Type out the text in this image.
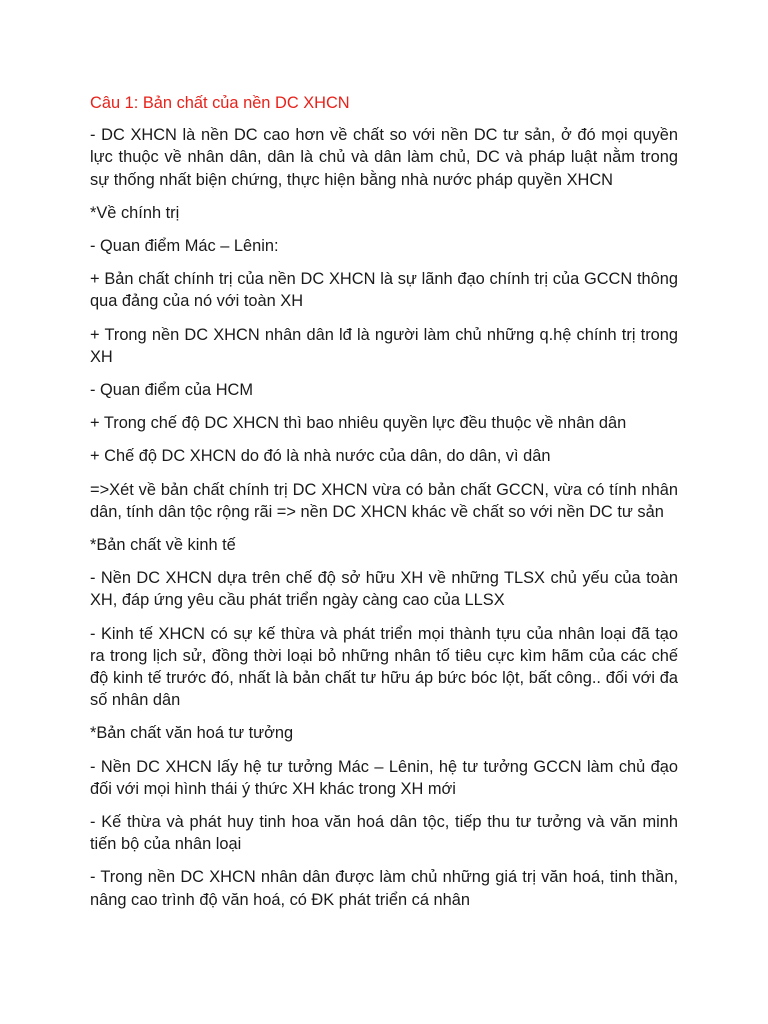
Câu 1: Bản chất của nền DC XHCN
- DC XHCN là nền DC cao hơn về chất so với nền DC tư sản, ở đó mọi quyền lực thuộc về nhân dân, dân là chủ và dân làm chủ, DC và pháp luật nằm trong sự thống nhất biện chứng, thực hiện bằng nhà nước pháp quyền XHCN
*Về chính trị
- Quan điểm Mác – Lênin:
+ Bản chất chính trị của nền DC XHCN là sự lãnh đạo chính trị của GCCN thông qua đảng của nó với toàn XH
+ Trong nền DC XHCN nhân dân lđ là người làm chủ những q.hệ chính trị trong XH
- Quan điểm của HCM
+ Trong chế độ DC XHCN thì bao nhiêu quyền lực đều thuộc về nhân dân
+ Chế độ DC XHCN do đó là nhà nước của dân, do dân, vì dân
=>Xét về bản chất chính trị DC XHCN vừa có bản chất GCCN, vừa có tính nhân dân, tính dân tộc rộng rãi => nền DC XHCN khác về chất so với nền DC tư sản
*Bản chất về kinh tế
- Nền DC XHCN dựa trên chế độ sở hữu XH về những TLSX chủ yếu của toàn XH, đáp ứng yêu cầu phát triển ngày càng cao của LLSX
- Kinh tế XHCN có sự kế thừa và phát triển mọi thành tựu của nhân loại đã tạo ra trong lịch sử, đồng thời loại bỏ những nhân tố tiêu cực kìm hãm của các chế độ kinh tế trước đó, nhất là bản chất tư hữu áp bức bóc lột, bất công.. đối với đa số nhân dân
*Bản chất văn hoá tư tưởng
- Nền DC XHCN lấy hệ tư tưởng Mác – Lênin, hệ tư tưởng GCCN làm chủ đạo đối với mọi hình thái ý thức XH khác trong XH mới
- Kế thừa và phát huy tinh hoa văn hoá dân tộc, tiếp thu tư tưởng và văn minh tiến bộ của nhân loại
- Trong nền DC XHCN nhân dân được làm chủ những giá trị văn hoá, tinh thần, nâng cao trình độ văn hoá, có ĐK phát triển cá nhân
